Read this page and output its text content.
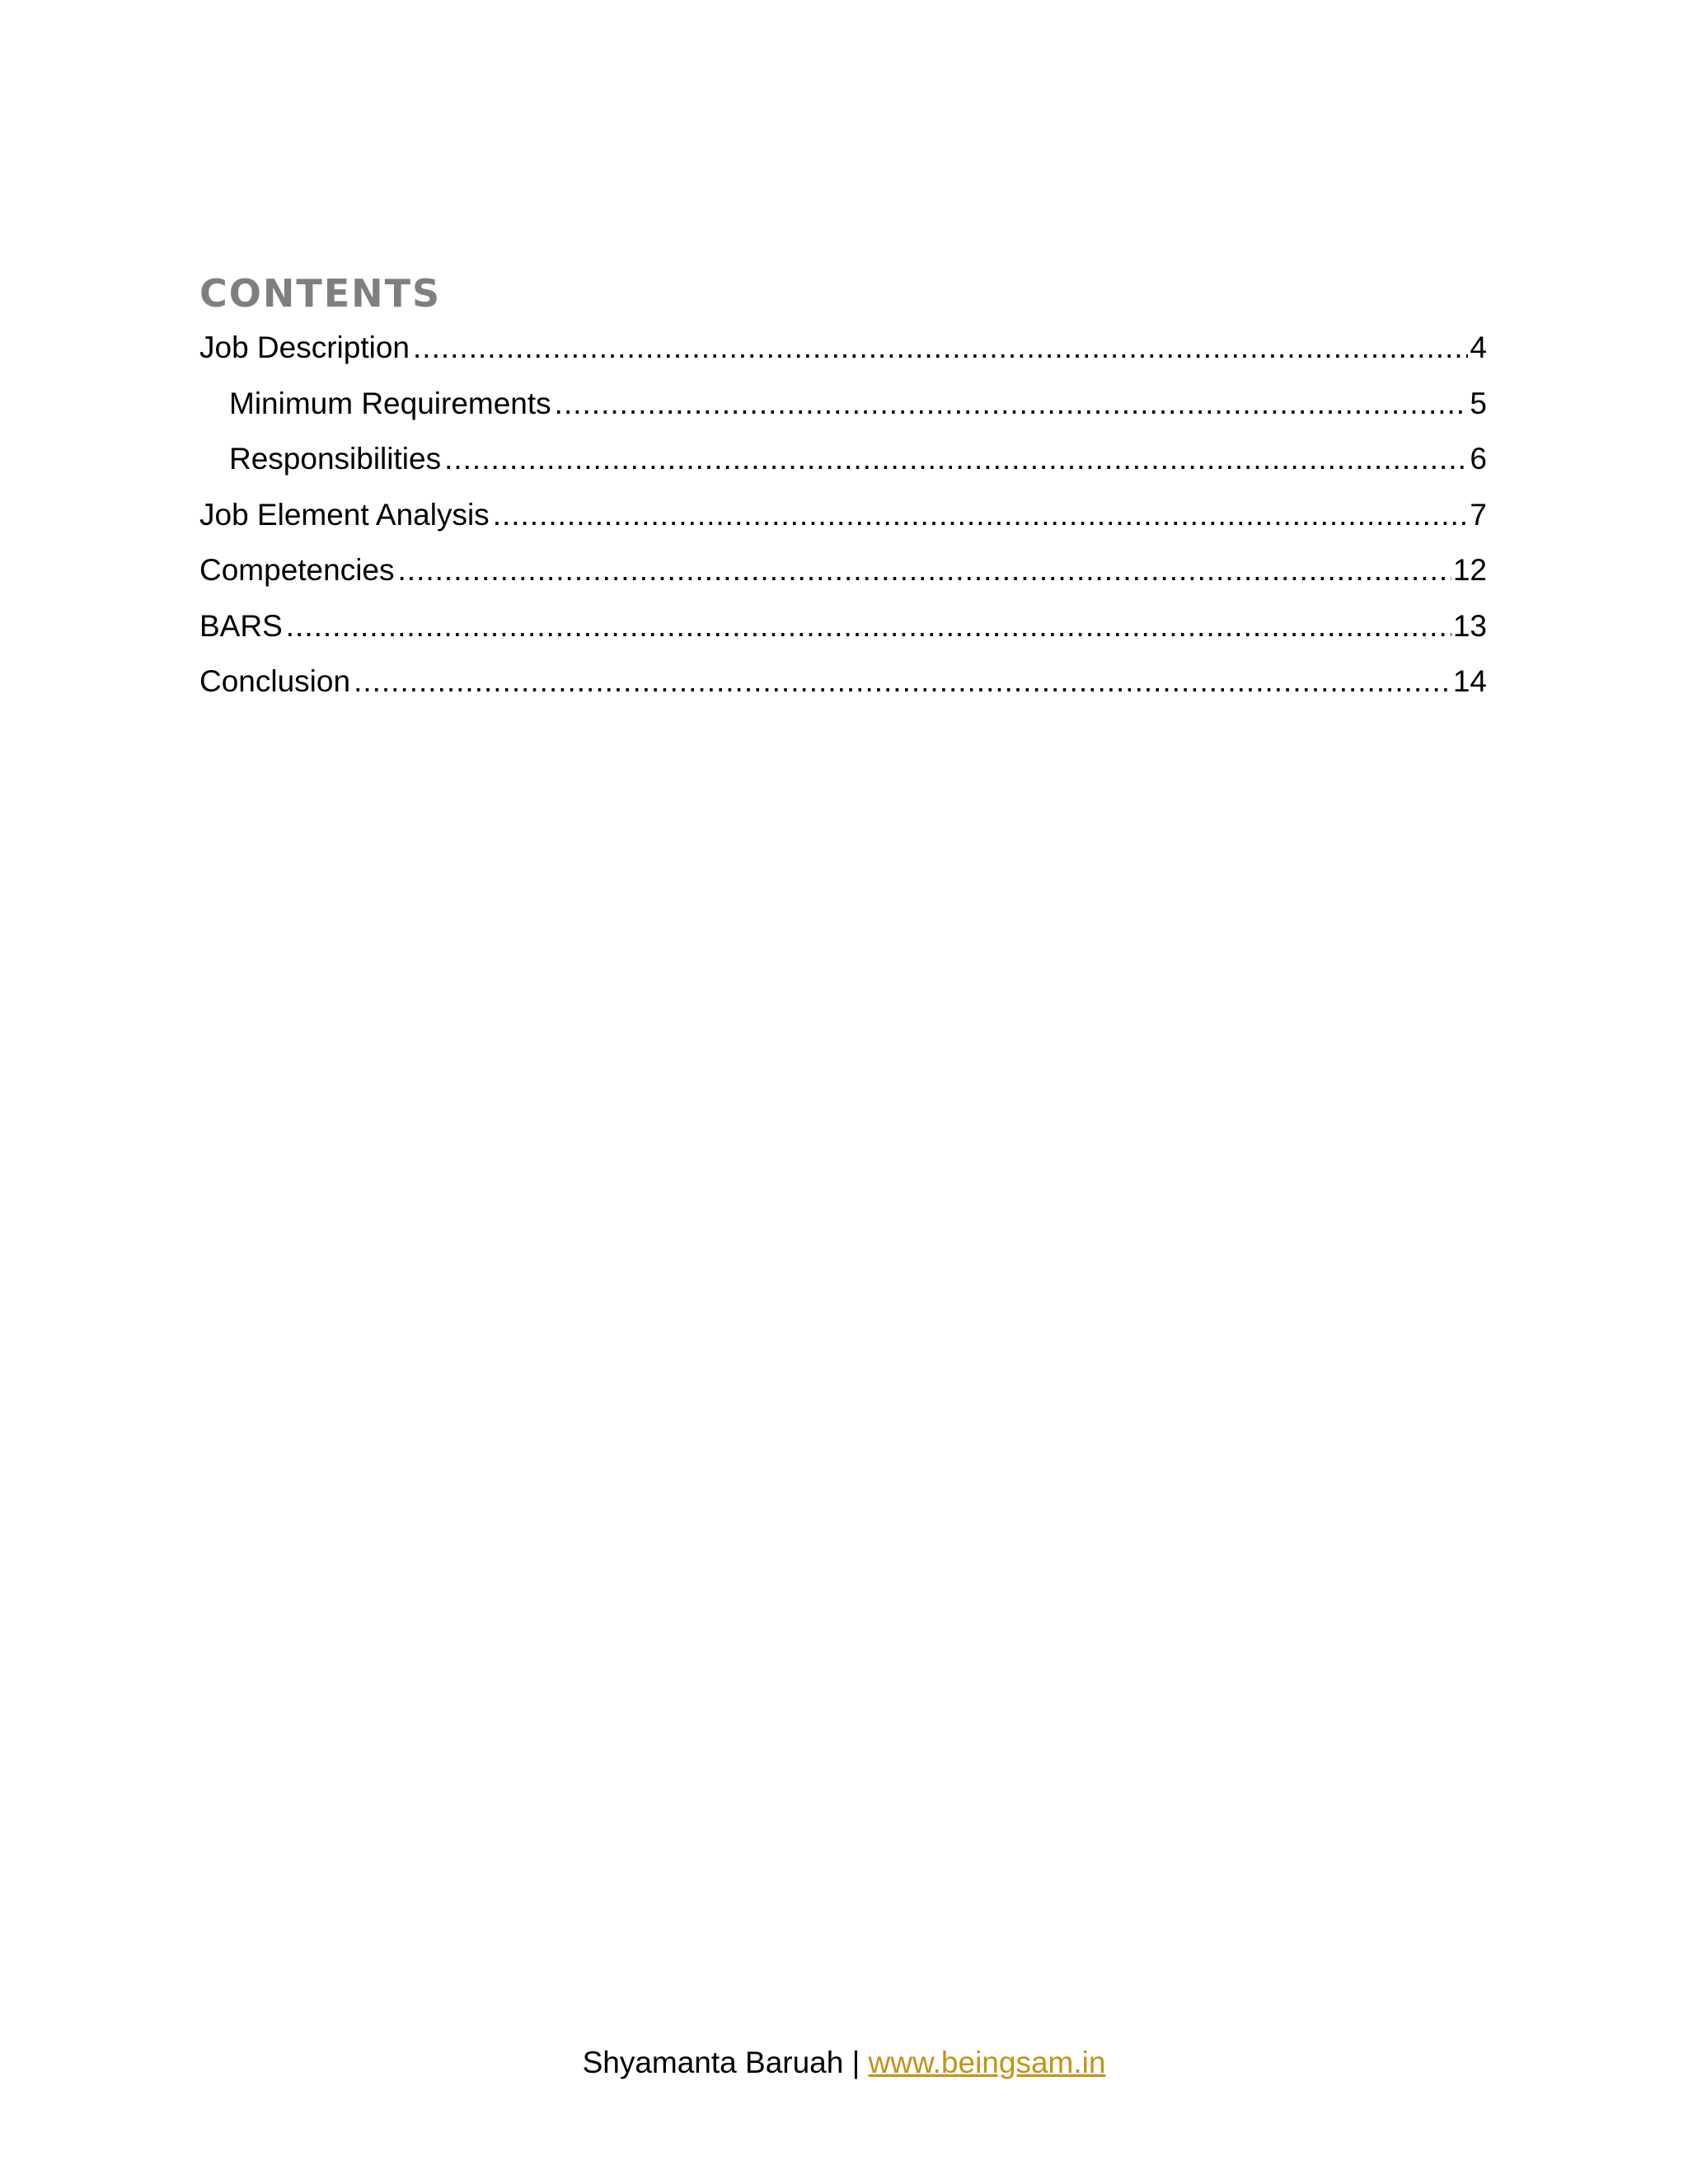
CONTENTS
Job Description .....	4
Minimum Requirements .....	5
Responsibilities .....	6
Job Element Analysis .....	7
Competencies .....	12
BARS .....	13
Conclusion .....	14
Shyamanta Baruah | www.beingsam.in
